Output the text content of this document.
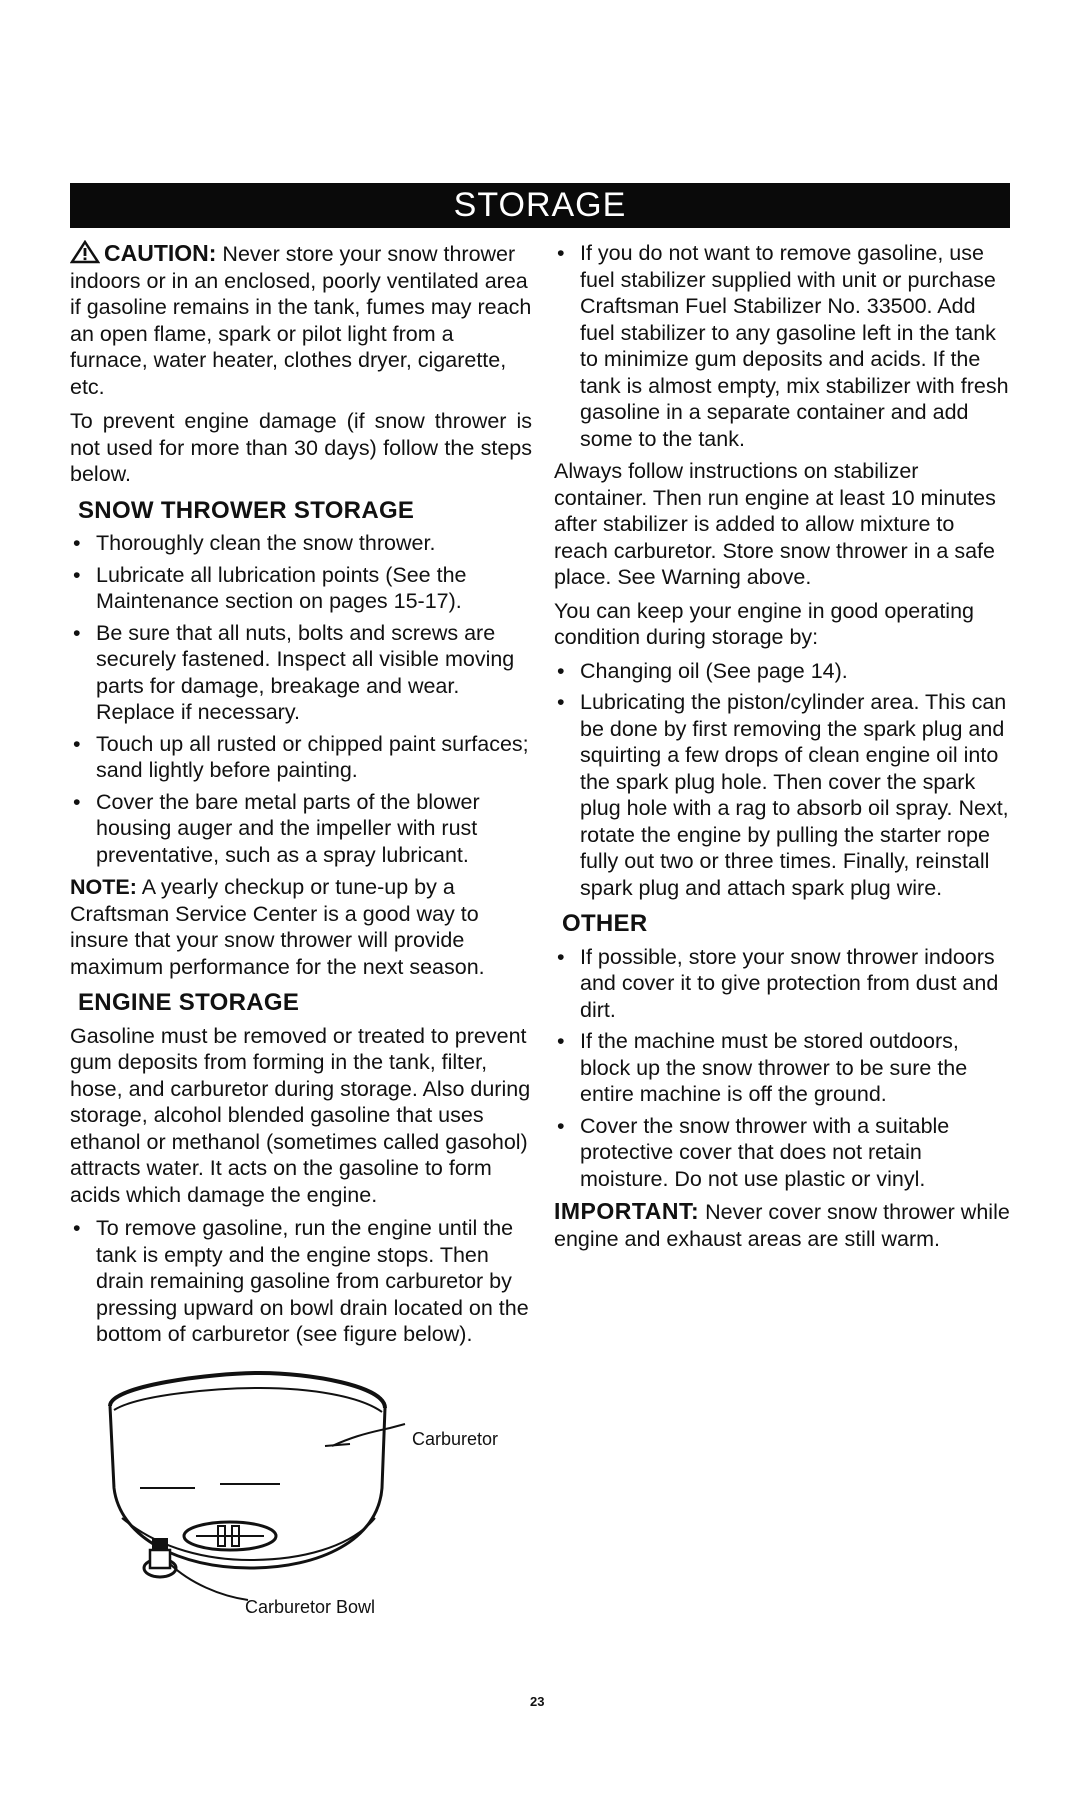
STORAGE

CAUTION: Never store your snow thrower indoors or in an enclosed, poorly ventilated area if gasoline remains in the tank, fumes may reach an open flame, spark or pilot light from a furnace, water heater, clothes dryer, cigarette, etc.

To prevent engine damage (if snow thrower is not used for more than 30 days) follow the steps below.

SNOW THROWER STORAGE
• Thoroughly clean the snow thrower.
• Lubricate all lubrication points (See the Maintenance section on pages 15-17).
• Be sure that all nuts, bolts and screws are securely fastened. Inspect all visible moving parts for damage, breakage and wear. Replace if necessary.
• Touch up all rusted or chipped paint surfaces; sand lightly before painting.
• Cover the bare metal parts of the blower housing auger and the impeller with rust preventative, such as a spray lubricant.

NOTE: A yearly checkup or tune-up by a Craftsman Service Center is a good way to insure that your snow thrower will provide maximum performance for the next season.

ENGINE STORAGE

Gasoline must be removed or treated to prevent gum deposits from forming in the tank, filter, hose, and carburetor during storage. Also during storage, alcohol blended gasoline that uses ethanol or methanol (sometimes called gasohol) attracts water. It acts on the gasoline to form acids which damage the engine.

• To remove gasoline, run the engine until the tank is empty and the engine stops. Then drain remaining gasoline from carburetor by pressing upward on bowl drain located on the bottom of carburetor (see figure below).
• If you do not want to remove gasoline, use fuel stabilizer supplied with unit or purchase Craftsman Fuel Stabilizer No. 33500. Add fuel stabilizer to any gasoline left in the tank to minimize gum deposits and acids. If the tank is almost empty, mix stabilizer with fresh gasoline in a separate container and add some to the tank.

Always follow instructions on stabilizer container. Then run engine at least 10 minutes after stabilizer is added to allow mixture to reach carburetor. Store snow thrower in a safe place. See Warning above.

You can keep your engine in good operating condition during storage by:

• Changing oil (See page 14).
• Lubricating the piston/cylinder area. This can be done by first removing the spark plug and squirting a few drops of clean engine oil into the spark plug hole. Then cover the spark plug hole with a rag to absorb oil spray. Next, rotate the engine by pulling the starter rope fully out two or three times. Finally, reinstall spark plug and attach spark plug wire.
OTHER
• If possible, store your snow thrower indoors and cover it to give protection from dust and dirt.
• If the machine must be stored outdoors, block up the snow thrower to be sure the entire machine is off the ground.
• Cover the snow thrower with a suitable protective cover that does not retain moisture. Do not use plastic or vinyl.

IMPORTANT: Never cover snow thrower while engine and exhaust areas are still warm.

Carburetor
Carburetor Bowl
23
